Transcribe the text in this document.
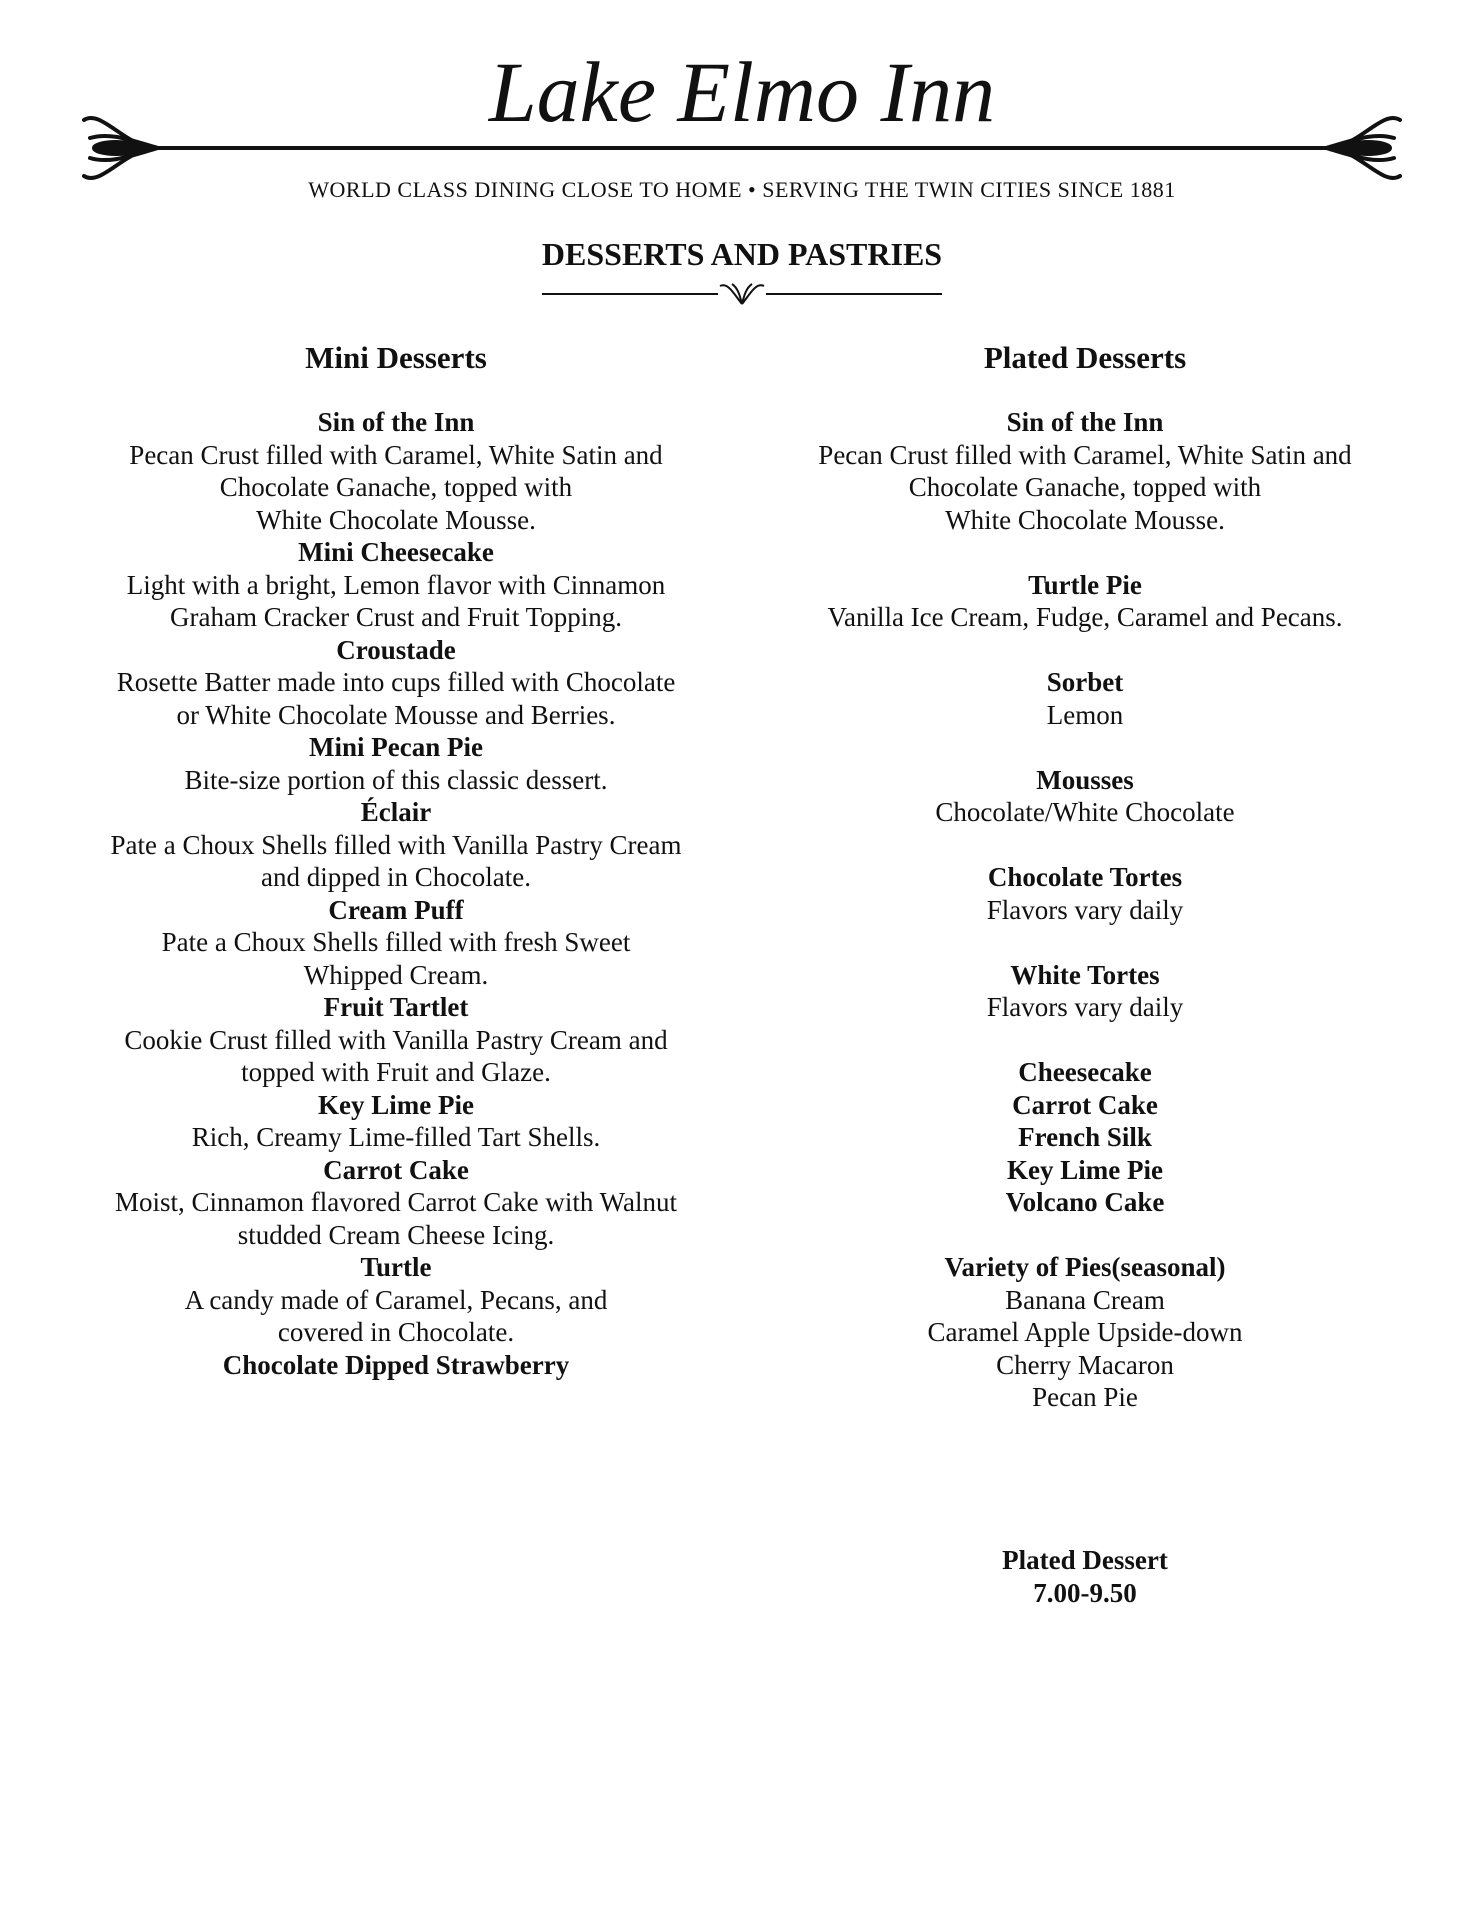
Lake Elmo Inn
WORLD CLASS DINING CLOSE TO HOME • SERVING THE TWIN CITIES SINCE 1881
DESSERTS AND PASTRIES
Mini Desserts
Sin of the Inn
Pecan Crust filled with Caramel, White Satin and
Chocolate Ganache, topped with
White Chocolate Mousse.
Mini Cheesecake
Light with a bright, Lemon flavor with Cinnamon
Graham Cracker Crust and Fruit Topping.
Croustade
Rosette Batter made into cups filled with Chocolate
or White Chocolate Mousse and Berries.
Mini Pecan Pie
Bite-size portion of this classic dessert.
Éclair
Pate a Choux Shells filled with Vanilla Pastry Cream
and dipped in Chocolate.
Cream Puff
Pate a Choux Shells filled with fresh Sweet
Whipped Cream.
Fruit Tartlet
Cookie Crust filled with Vanilla Pastry Cream and
topped with Fruit and Glaze.
Key Lime Pie
Rich, Creamy Lime-filled Tart Shells.
Carrot Cake
Moist, Cinnamon flavored Carrot Cake with Walnut
studded Cream Cheese Icing.
Turtle
A candy made of Caramel, Pecans, and
covered in Chocolate.
Chocolate Dipped Strawberry
Plated Desserts
Sin of the Inn
Pecan Crust filled with Caramel, White Satin and
Chocolate Ganache, topped with
White Chocolate Mousse.
Turtle Pie
Vanilla Ice Cream, Fudge, Caramel and Pecans.
Sorbet
Lemon
Mousses
Chocolate/White Chocolate
Chocolate Tortes
Flavors vary daily
White Tortes
Flavors vary daily
Cheesecake
Carrot Cake
French Silk
Key Lime Pie
Volcano Cake
Variety of Pies(seasonal)
Banana Cream
Caramel Apple Upside-down
Cherry Macaron
Pecan Pie
Plated Dessert
7.00-9.50
